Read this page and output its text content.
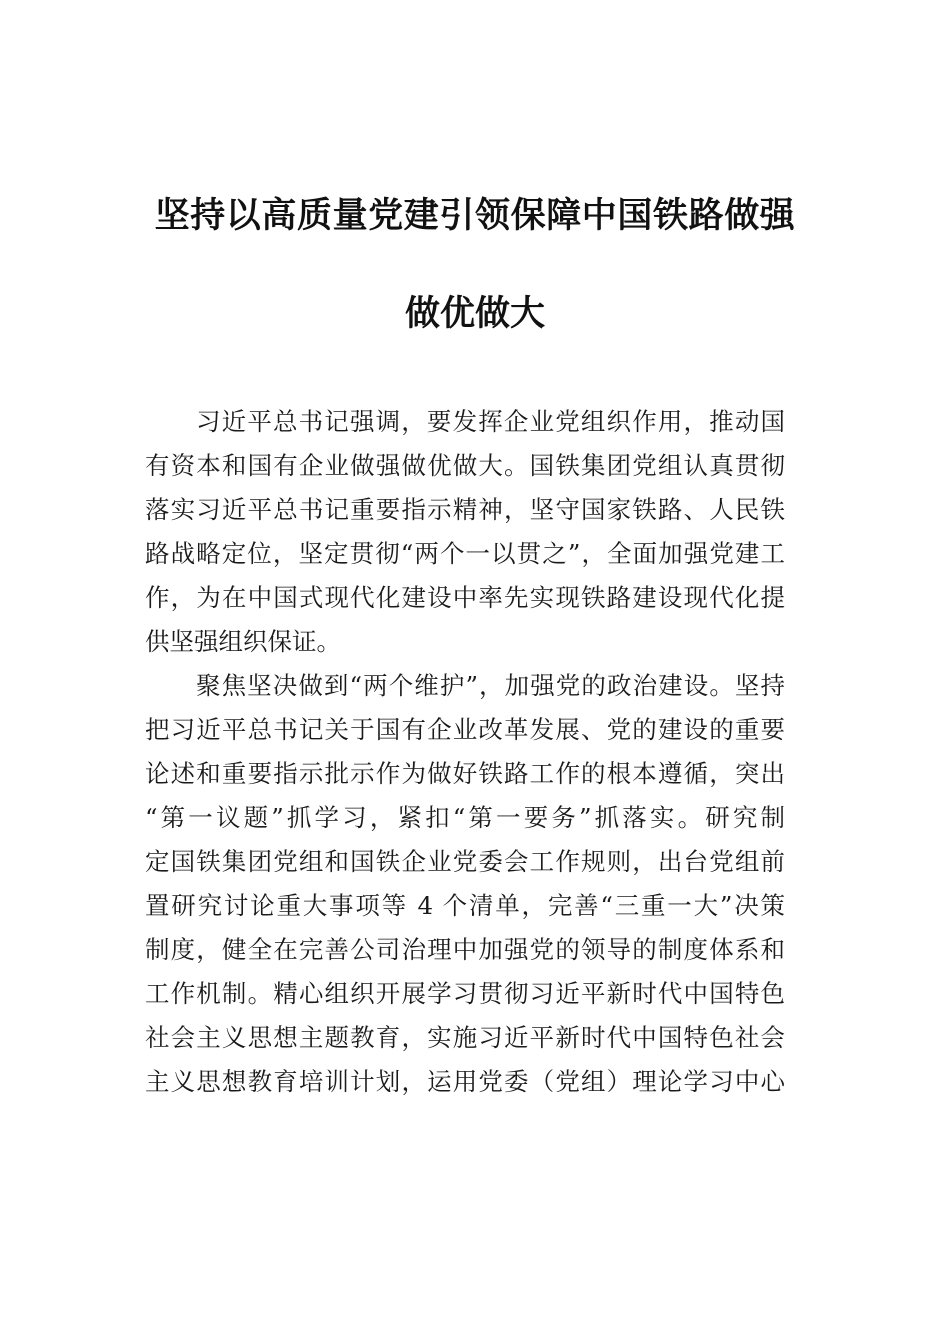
坚持以高质量党建引领保障中国铁路做强
做优做大
习近平总书记强调，要发挥企业党组织作用，推动国
有资本和国有企业做强做优做大。国铁集团党组认真贯彻
落实习近平总书记重要指示精神，坚守国家铁路、人民铁
路战略定位，坚定贯彻“两个一以贯之”，全面加强党建工
作，为在中国式现代化建设中率先实现铁路建设现代化提
供坚强组织保证。
聚焦坚决做到“两个维护”，加强党的政治建设。坚持
把习近平总书记关于国有企业改革发展、党的建设的重要
论述和重要指示批示作为做好铁路工作的根本遵循，突出
“第一议题”抓学习，紧扣“第一要务”抓落实。研究制
定国铁集团党组和国铁企业党委会工作规则，出台党组前
置研究讨论重大事项等 4 个清单，完善“三重一大”决策
制度，健全在完善公司治理中加强党的领导的制度体系和
工作机制。精心组织开展学习贯彻习近平新时代中国特色
社会主义思想主题教育，实施习近平新时代中国特色社会
主义思想教育培训计划，运用党委（党组）理论学习中心
